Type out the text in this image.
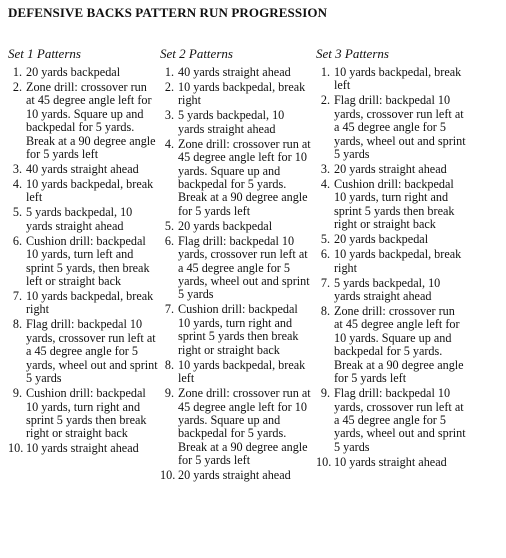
DEFENSIVE BACKS PATTERN RUN PROGRESSION
Set 1 Patterns
1. 20 yards backpedal
2. Zone drill: crossover run at 45 degree angle left for 10 yards. Square up and backpedal for 5 yards. Break at a 90 degree angle for 5 yards left
3. 40 yards straight ahead
4. 10 yards backpedal, break left
5. 5 yards backpedal, 10 yards straight ahead
6. Cushion drill: backpedal 10 yards, turn left and sprint 5 yards, then break left or straight back
7. 10 yards backpedal, break right
8. Flag drill: backpedal 10 yards, crossover run left at a 45 degree angle for 5 yards, wheel out and sprint 5 yards
9. Cushion drill: backpedal 10 yards, turn right and sprint 5 yards then break right or straight back
10. 10 yards straight ahead
Set 2 Patterns
1. 40 yards straight ahead
2. 10 yards backpedal, break right
3. 5 yards backpedal, 10 yards straight ahead
4. Zone drill: crossover run at 45 degree angle left for 10 yards. Square up and backpedal for 5 yards. Break at a 90 degree angle for 5 yards left
5. 20 yards backpedal
6. Flag drill: backpedal 10 yards, crossover run left at a 45 degree angle for 5 yards, wheel out and sprint 5 yards
7. Cushion drill: backpedal 10 yards, turn right and sprint 5 yards then break right or straight back
8. 10 yards backpedal, break left
9. Zone drill: crossover run at 45 degree angle left for 10 yards. Square up and backpedal for 5 yards. Break at a 90 degree angle for 5 yards left
10. 20 yards straight ahead
Set 3 Patterns
1. 10 yards backpedal, break left
2. Flag drill: backpedal 10 yards, crossover run left at a 45 degree angle for 5 yards, wheel out and sprint 5 yards
3. 20 yards straight ahead
4. Cushion drill: backpedal 10 yards, turn right and sprint 5 yards then break right or straight back
5. 20 yards backpedal
6. 10 yards backpedal, break right
7. 5 yards backpedal, 10 yards straight ahead
8. Zone drill: crossover run at 45 degree angle left for 10 yards. Square up and backpedal for 5 yards. Break at a 90 degree angle for 5 yards left
9. Flag drill: backpedal 10 yards, crossover run left at a 45 degree angle for 5 yards, wheel out and sprint 5 yards
10. 10 yards straight ahead
